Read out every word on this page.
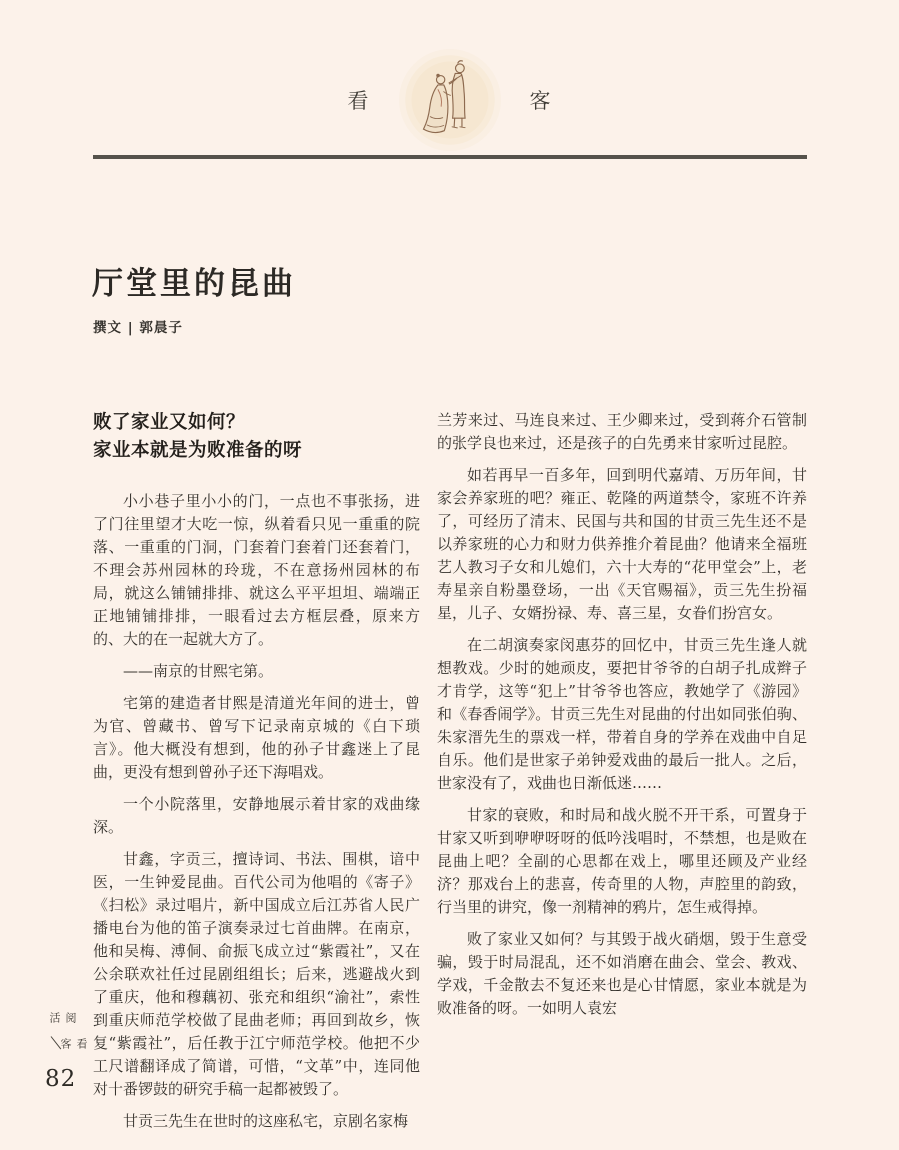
看	客
厅堂里的昆曲
撰文 | 郭晨子
败了家业又如何？
家业本就是为败准备的呀

小小巷子里小小的门，一点也不事张扬，进了门往里望才大吃一惊，纵着看只见一重重的院落、一重重的门洞，门套着门套着门还套着门，不理会苏州园林的玲珑，不在意扬州园林的布局，就这么铺铺排排、就这么平平坦坦、端端正正地铺铺排排，一眼看过去方框层叠，原来方的、大的在一起就大方了。

——南京的甘熙宅第。

宅第的建造者甘熙是清道光年间的进士，曾为官、曾藏书、曾写下记录南京城的《白下琐言》。他大概没有想到，他的孙子甘鑫迷上了昆曲，更没有想到曾孙子还下海唱戏。

一个小院落里，安静地展示着甘家的戏曲缘深。

甘鑫，字贡三，擅诗词、书法、围棋，谙中医，一生钟爱昆曲。百代公司为他唱的《寄子》《扫松》录过唱片，新中国成立后江苏省人民广播电台为他的笛子演奏录过七首曲牌。在南京，他和吴梅、溥侗、俞振飞成立过“紫霞社”，又在公余联欢社任过昆剧组组长；后来，逃避战火到了重庆，他和穆藕初、张充和组织“渝社”，索性到重庆师范学校做了昆曲老师；再回到故乡，恢复“紫霞社”，后任教于江宁师范学校。他把不少工尺谱翻译成了简谱，可惜，“文革”中，连同他对十番锣鼓的研究手稿一起都被毁了。

甘贡三先生在世时的这座私宅，京剧名家梅

兰芳来过、马连良来过、王少卿来过，受到蒋介石管制的张学良也来过，还是孩子的白先勇来甘家听过昆腔。

如若再早一百多年，回到明代嘉靖、万历年间，甘家会养家班的吧？雍正、乾隆的两道禁令，家班不许养了，可经历了清末、民国与共和国的甘贡三先生还不是以养家班的心力和财力供养推介着昆曲？他请来全福班艺人教习子女和儿媳们，六十大寿的“花甲堂会”上，老寿星亲自粉墨登场，一出《天官赐福》，贡三先生扮福星，儿子、女婿扮禄、寿、喜三星，女眷们扮宫女。

在二胡演奏家闵惠芬的回忆中，甘贡三先生逢人就想教戏。少时的她顽皮，要把甘爷爷的白胡子扎成辫子才肯学，这等“犯上”甘爷爷也答应，教她学了《游园》和《春香闹学》。甘贡三先生对昆曲的付出如同张伯驹、朱家溍先生的票戏一样，带着自身的学养在戏曲中自足自乐。他们是世家子弟钟爱戏曲的最后一批人。之后，世家没有了，戏曲也日渐低迷……

甘家的衰败，和时局和战火脱不开干系，可置身于甘家又听到咿咿呀呀的低吟浅唱时，不禁想，也是败在昆曲上吧？全副的心思都在戏上，哪里还顾及产业经济？那戏台上的悲喜，传奇里的人物，声腔里的韵致，行当里的讲究，像一剂精神的鸦片，怎生戒得掉。

败了家业又如何？与其毁于战火硝烟，毁于生意受骗，毁于时局混乱，还不如消磨在曲会、堂会、教戏、学戏，千金散去不复还来也是心甘情愿，家业本就是为败准备的呀。一如明人袁宏

阅活
看客
82
